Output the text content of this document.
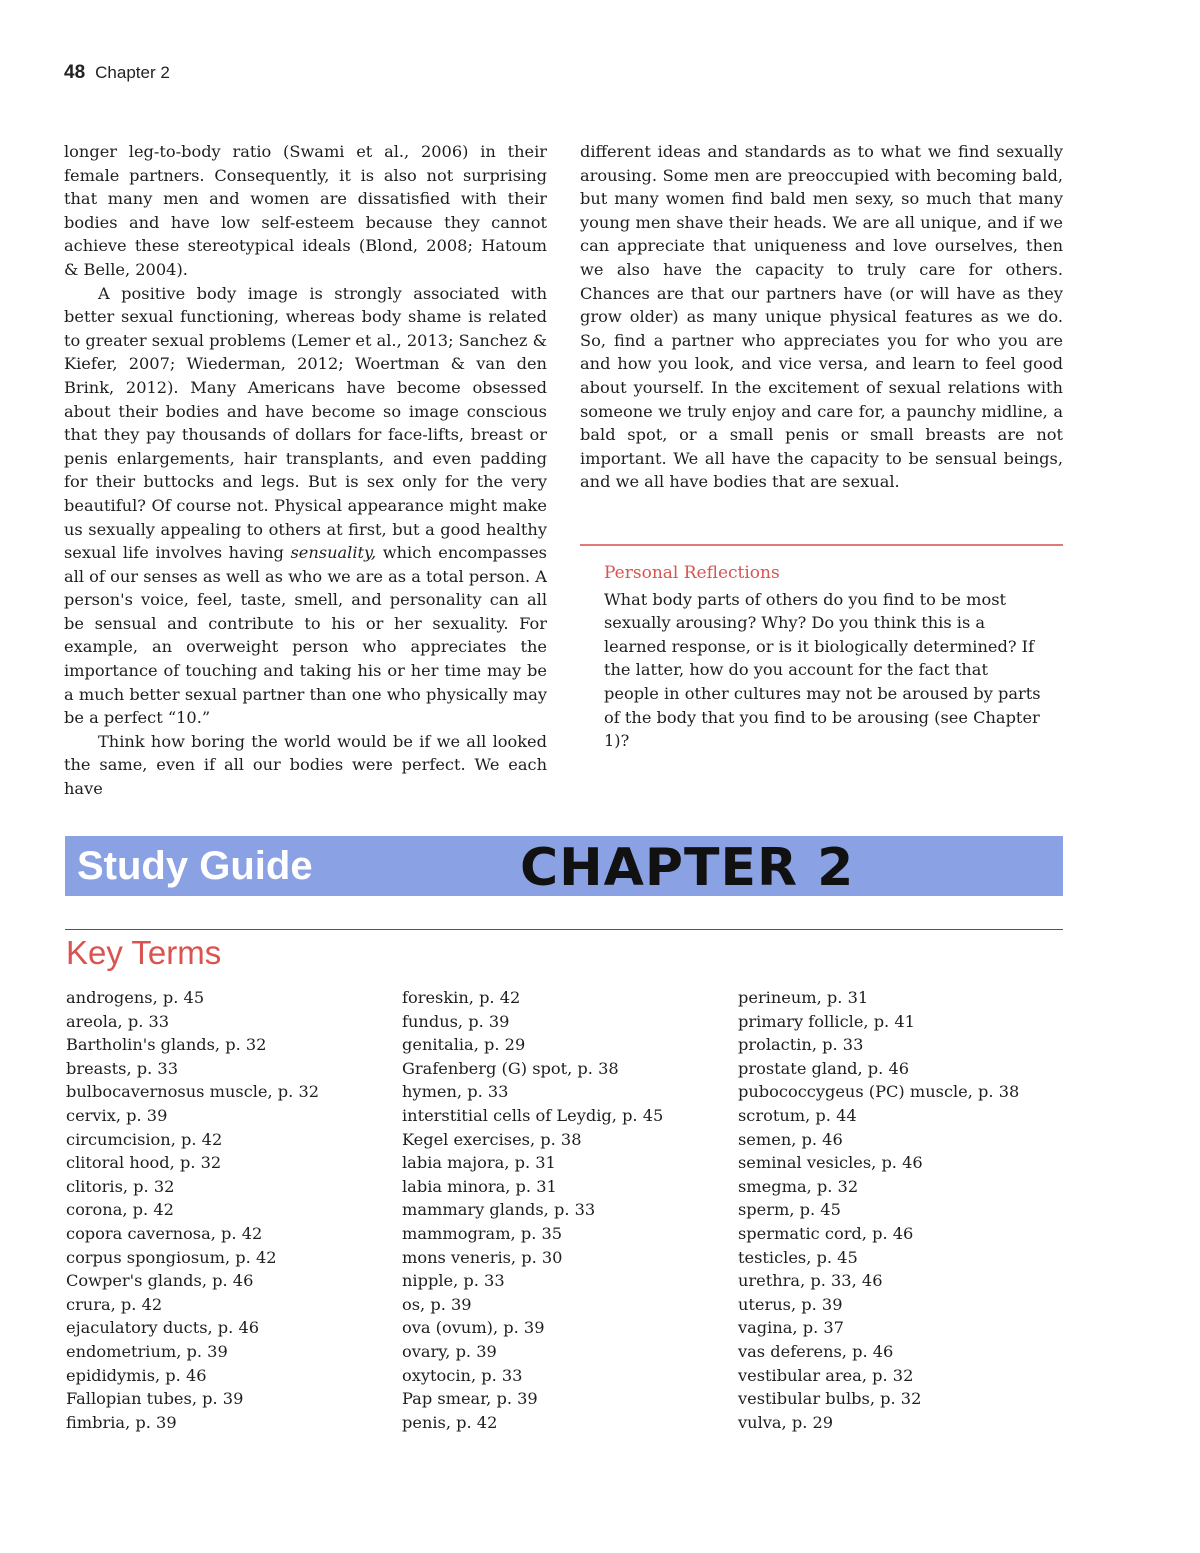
48 Chapter 2

longer leg-to-body ratio (Swami et al., 2006) in their female partners. Consequently, it is also not surprising that many men and women are dissatisfied with their bodies and have low self-esteem because they cannot achieve these stereotypical ideals (Blond, 2008; Hatoum & Belle, 2004).

A positive body image is strongly associated with better sexual functioning, whereas body shame is related to greater sexual problems (Lemer et al., 2013; Sanchez & Kiefer, 2007; Wiederman, 2012; Woertman & van den Brink, 2012). Many Americans have become obsessed about their bodies and have become so image conscious that they pay thousands of dollars for face-lifts, breast or penis enlargements, hair transplants, and even padding for their buttocks and legs. But is sex only for the very beautiful? Of course not. Physical appearance might make us sexually appealing to others at first, but a good healthy sexual life involves having sensuality, which encompasses all of our senses as well as who we are as a total person. A person's voice, feel, taste, smell, and personality can all be sensual and contribute to his or her sexuality. For example, an overweight person who appreciates the importance of touching and taking his or her time may be a much better sexual partner than one who physically may be a perfect “10.”

Think how boring the world would be if we all looked the same, even if all our bodies were perfect. We each have

different ideas and standards as to what we find sexually arousing. Some men are preoccupied with becoming bald, but many women find bald men sexy, so much that many young men shave their heads. We are all unique, and if we can appreciate that uniqueness and love ourselves, then we also have the capacity to truly care for others. Chances are that our partners have (or will have as they grow older) as many unique physical features as we do. So, find a partner who appreciates you for who you are and how you look, and vice versa, and learn to feel good about yourself. In the excitement of sexual relations with someone we truly enjoy and care for, a paunchy midline, a bald spot, or a small penis or small breasts are not important. We all have the capacity to be sensual beings, and we all have bodies that are sexual.

Personal Reflections

What body parts of others do you find to be most sexually arousing? Why? Do you think this is a learned response, or is it biologically determined? If the latter, how do you account for the fact that people in other cultures may not be aroused by parts of the body that you find to be arousing (see Chapter 1)?

Study Guide	CHAPTER 2
Key Terms
androgens, p. 45
areola, p. 33
Bartholin's glands, p. 32
breasts, p. 33
bulbocavernosus muscle, p. 32
cervix, p. 39
circumcision, p. 42
clitoral hood, p. 32
clitoris, p. 32
corona, p. 42
copora cavernosa, p. 42
corpus spongiosum, p. 42
Cowper's glands, p. 46
crura, p. 42
ejaculatory ducts, p. 46
endometrium, p. 39
epididymis, p. 46
Fallopian tubes, p. 39
fimbria, p. 39
foreskin, p. 42
fundus, p. 39
genitalia, p. 29
Grafenberg (G) spot, p. 38
hymen, p. 33
interstitial cells of Leydig, p. 45
Kegel exercises, p. 38
labia majora, p. 31
labia minora, p. 31
mammary glands, p. 33
mammogram, p. 35
mons veneris, p. 30
nipple, p. 33
os, p. 39
ova (ovum), p. 39
ovary, p. 39
oxytocin, p. 33
Pap smear, p. 39
penis, p. 42
perineum, p. 31
primary follicle, p. 41
prolactin, p. 33
prostate gland, p. 46
pubococcygeus (PC) muscle, p. 38
scrotum, p. 44
semen, p. 46
seminal vesicles, p. 46
smegma, p. 32
sperm, p. 45
spermatic cord, p. 46
testicles, p. 45
urethra, p. 33, 46
uterus, p. 39
vagina, p. 37
vas deferens, p. 46
vestibular area, p. 32
vestibular bulbs, p. 32
vulva, p. 29
